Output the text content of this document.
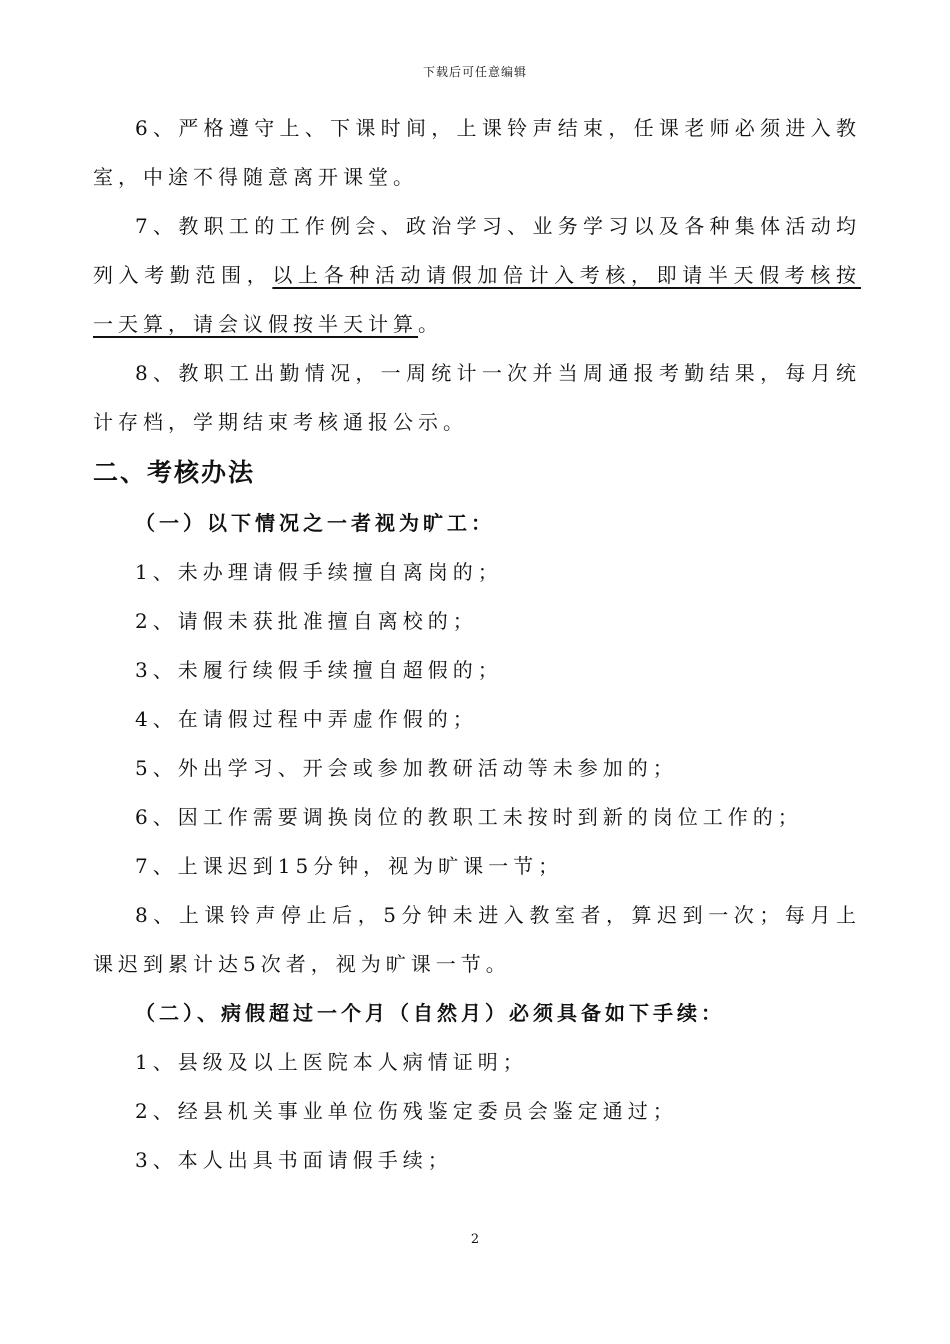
下载后可任意编辑

6、严格遵守上、下课时间，上课铃声结束，任课老师必须进入教室，中途不得随意离开课堂。

7、教职工的工作例会、政治学习、业务学习以及各种集体活动均列入考勤范围，以上各种活动请假加倍计入考核，即请半天假考核按一天算，请会议假按半天计算。

8、教职工出勤情况，一周统计一次并当周通报考勤结果，每月统计存档，学期结束考核通报公示。

二、考核办法

（一）以下情况之一者视为旷工：

1、未办理请假手续擅自离岗的；

2、请假未获批准擅自离校的；

3、未履行续假手续擅自超假的；

4、在请假过程中弄虚作假的；

5、外出学习、开会或参加教研活动等未参加的；

6、因工作需要调换岗位的教职工未按时到新的岗位工作的；

7、上课迟到15分钟，视为旷课一节；

8、上课铃声停止后，5分钟未进入教室者，算迟到一次；每月上课迟到累计达5次者，视为旷课一节。

（二）、病假超过一个月（自然月）必须具备如下手续：

1、县级及以上医院本人病情证明；

2、经县机关事业单位伤残鉴定委员会鉴定通过；

3、本人出具书面请假手续；

2
